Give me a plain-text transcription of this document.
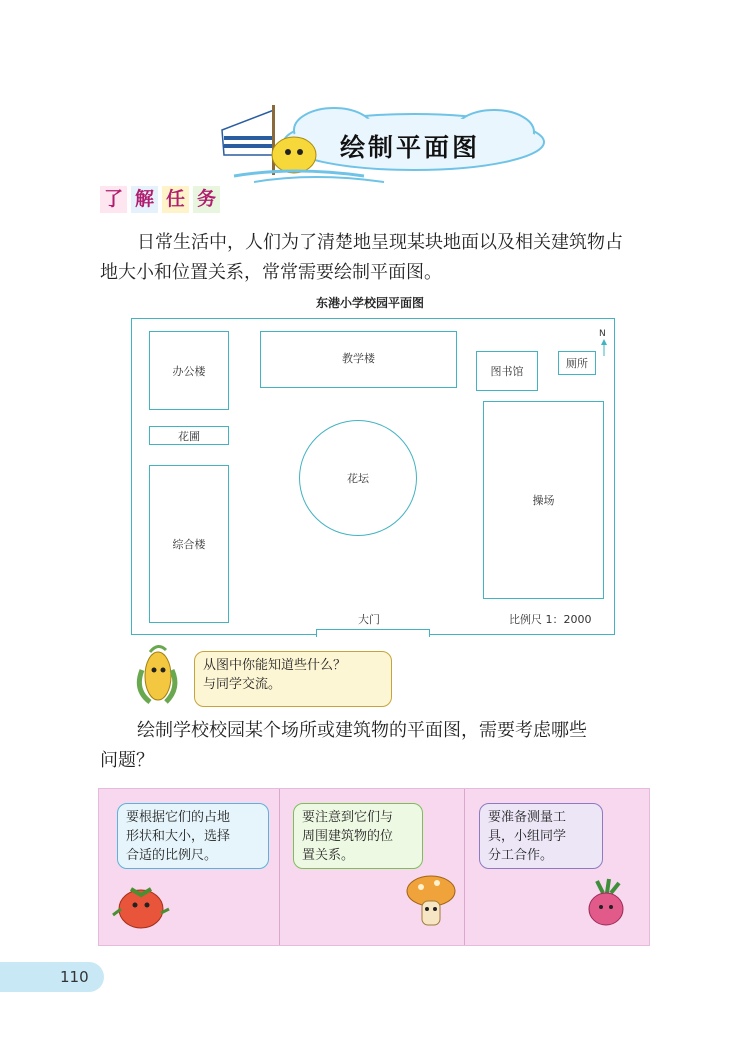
绘制平面图
了 解 任 务
日常生活中，人们为了清楚地呈现某块地面以及相关建筑物占
地大小和位置关系，常常需要绘制平面图。
东港小学校园平面图
办公楼
教学楼
图书馆
厕所
N
花圃
花坛
操场
综合楼
大门	比例尺 1：2000
从图中你能知道些什么？
与同学交流。
绘制学校校园某个场所或建筑物的平面图，需要考虑哪些
问题？
要根据它们的占地
形状和大小，选择
合适的比例尺。
要注意到它们与
周围建筑物的位
置关系。
要准备测量工
具，小组同学
分工合作。
110
